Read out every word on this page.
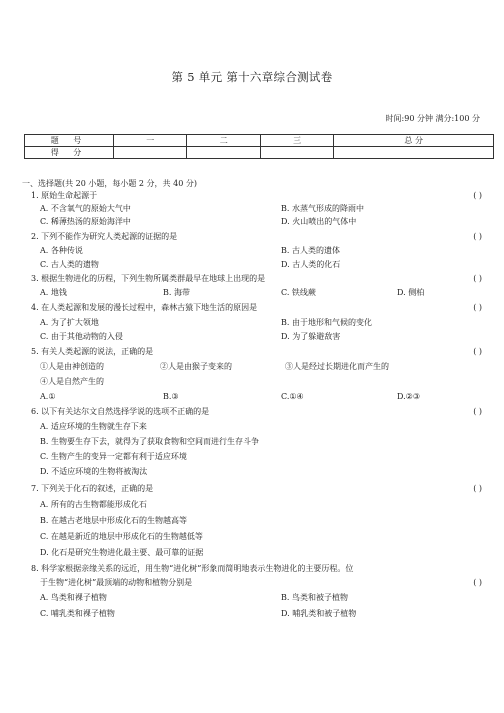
第 5 单元 第十六章综合测试卷
时间:90 分钟 满分:100 分
题 号	一	二	三	总 分
得 分				
一、选择题(共 20 小题，每小题 2 分，共 40 分)
1. 原始生命起源于	( )
A. 不含氧气的原始大气中	B. 水蒸气形成的降雨中
C. 稀薄热汤的原始海洋中	D. 火山喷出的气体中
2. 下列不能作为研究人类起源的证据的是	( )
A. 各种传说	B. 古人类的遗体
C. 古人类的遗物	D. 古人类的化石
3. 根据生物进化的历程，下列生物所属类群最早在地球上出现的是	( )
A. 地钱	B. 海带	C. 铁线蕨	D. 侧柏
4. 在人类起源和发展的漫长过程中，森林古猿下地生活的原因是	( )
A. 为了扩大领地	B. 由于地形和气候的变化
C. 由于其他动物的入侵	D. 为了躲避敌害
5. 有关人类起源的说法，正确的是	( )
①人是由神创造的	②人是由猴子变来的	③人是经过长期进化而产生的
④人是自然产生的
A.①	B.③	C.①④	D.②③
6. 以下有关达尔文自然选择学说的选项不正确的是	( )
A. 适应环境的生物就生存下来
B. 生物要生存下去，就得为了获取食物和空间而进行生存斗争
C. 生物产生的变异一定都有利于适应环境
D. 不适应环境的生物将被淘汰
7. 下列关于化石的叙述，正确的是	( )
A. 所有的古生物都能形成化石
B. 在越古老地层中形成化石的生物越高等
C. 在越是新近的地层中形成化石的生物越低等
D. 化石是研究生物进化最主要、最可靠的证据
8. 科学家根据亲缘关系的远近，用生物“进化树”形象而简明地表示生物进化的主要历程。位
于生物“进化树”最顶端的动物和植物分别是	( )
A. 鸟类和裸子植物	B. 鸟类和被子植物
C. 哺乳类和裸子植物	D. 哺乳类和被子植物
